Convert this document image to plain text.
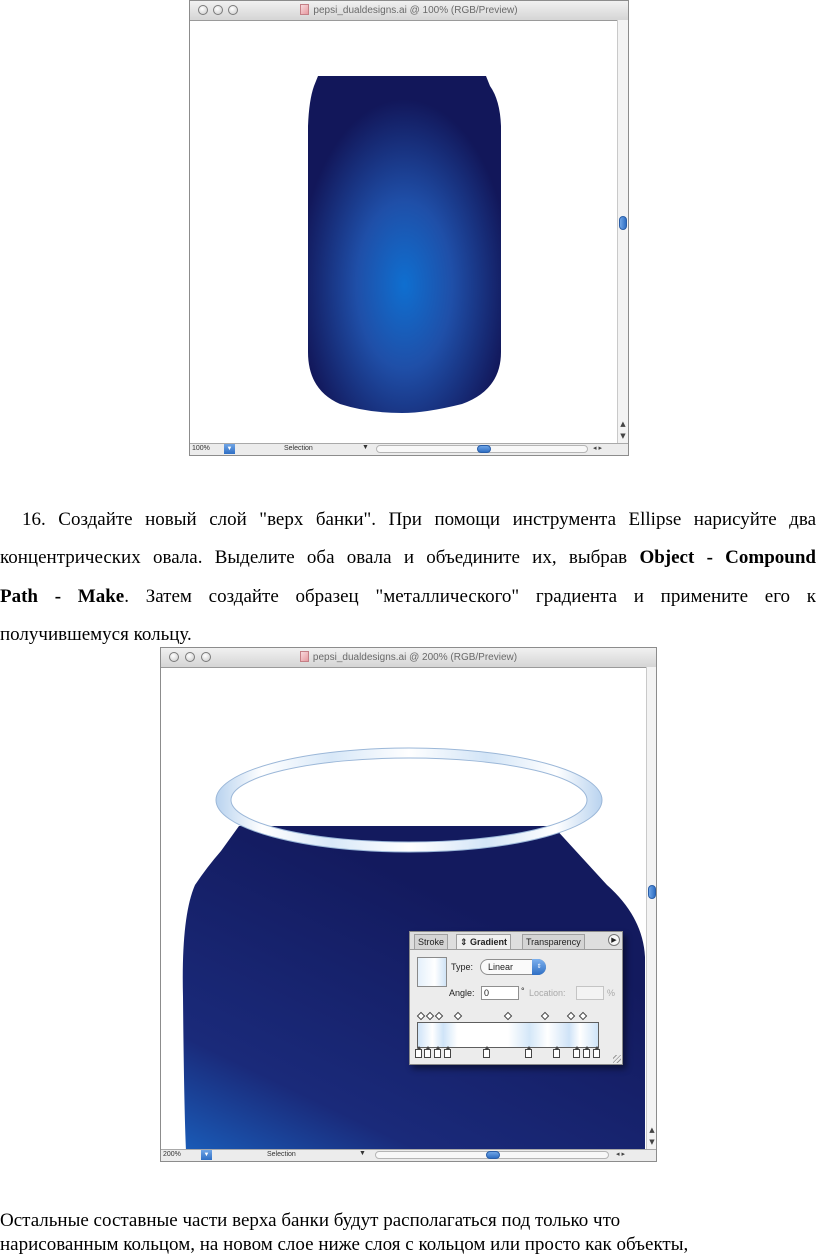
pepsi_dualdesigns.ai @ 100% (RGB/Preview)
▲
▼
100%	▼	Selection	▼	◂ ▸
16. Создайте новый слой "верх банки". При помощи инструмента Ellipse нарисуйте два
концентрических овала. Выделите оба овала и объедините их, выбрав Object - Compound
Path - Make. Затем создайте образец "металлического" градиента и примените его к
получившемуся кольцу.
pepsi_dualdesigns.ai @ 200% (RGB/Preview)
▲
▼
200%	▼	Selection	▼	◂ ▸
Stroke	⇕ Gradient	Transparency	▶
Type:	Linear	⇕
Angle:	0	° Location:	%
Остальные составные части верха банки будут располагаться под только что
нарисованным кольцом, на новом слое ниже слоя с кольцом или просто как объекты,
